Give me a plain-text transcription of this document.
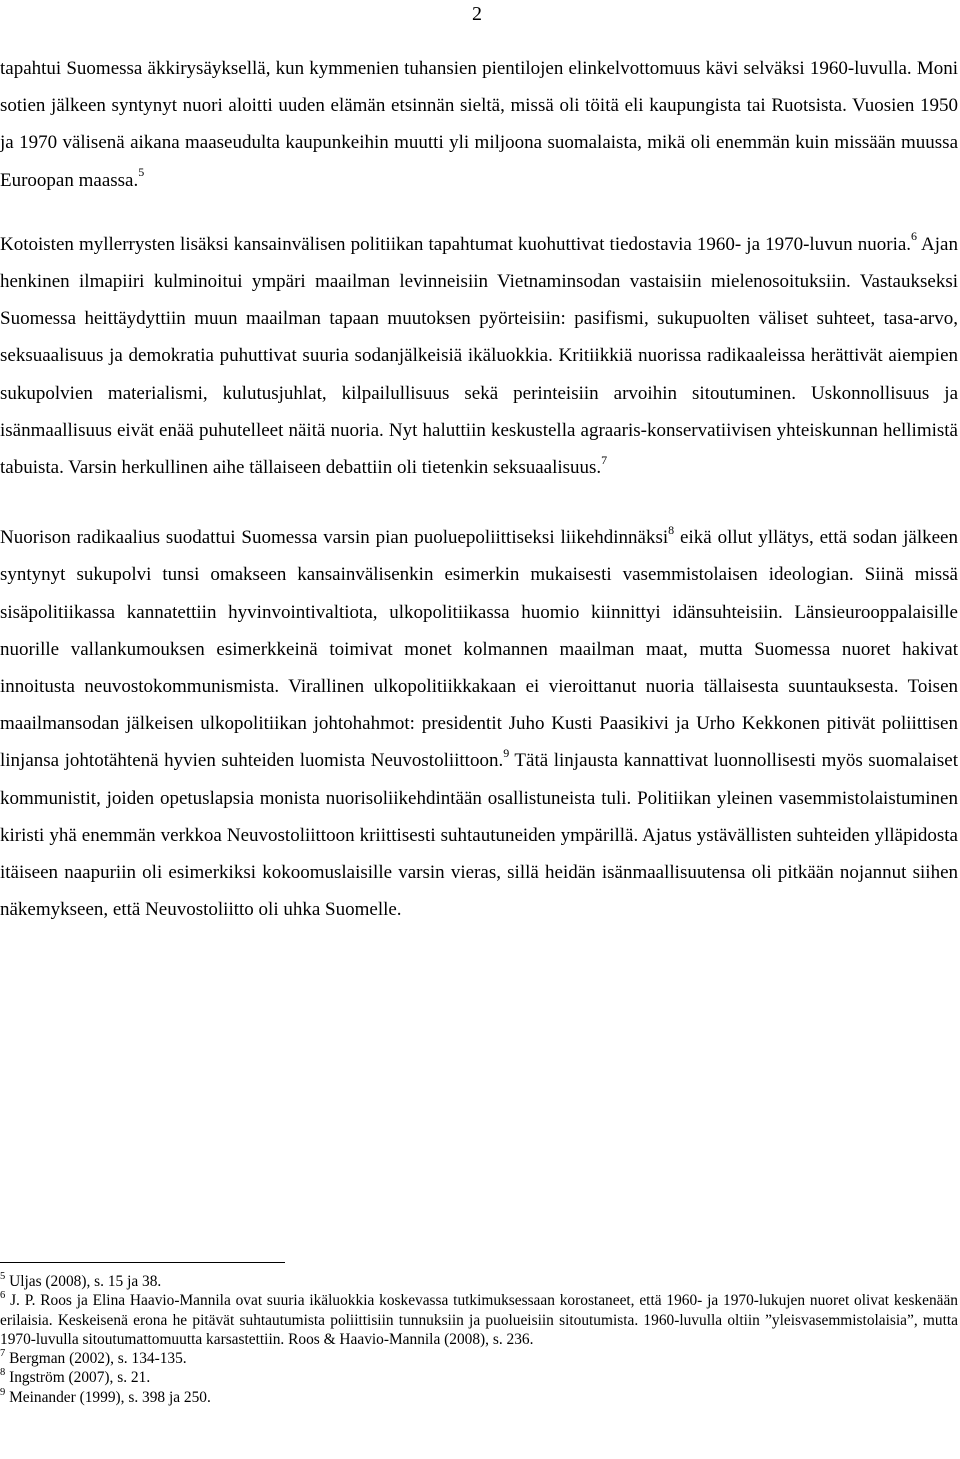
2

tapahtui Suomessa äkkirysäyksellä, kun kymmenien tuhansien pientilojen elinkelvottomuus kävi selväksi 1960-luvulla. Moni sotien jälkeen syntynyt nuori aloitti uuden elämän etsinnän sieltä, missä oli töitä eli kaupungista tai Ruotsista. Vuosien 1950 ja 1970 välisenä aikana maaseudulta kaupunkeihin muutti yli miljoona suomalaista, mikä oli enemmän kuin missään muussa Euroopan maassa.$^5$

Kotoisten myllerrysten lisäksi kansainvälisen politiikan tapahtumat kuohuttivat tiedostavia 1960- ja 1970-luvun nuoria.$^6$ Ajan henkinen ilmapiiri kulminoitui ympäri maailman levinneisiin Vietnaminsodan vastaisiin mielenosoituksiin. Vastaukseksi Suomessa heittäydyttiin muun maailman tapaan muutoksen pyörteisiin: pasifismi, sukupuolten väliset suhteet, tasa-arvo, seksuaalisuus ja demokratia puhuttivat suuria sodanjälkeisiä ikäluokkia. Kritiikkiä nuorissa radikaaleissa herättivät aiempien sukupolvien materialismi, kulutusjuhlat, kilpailullisuus sekä perinteisiin arvoihin sitoutuminen. Uskonnollisuus ja isänmaallisuus eivät enää puhutelleet näitä nuoria. Nyt haluttiin keskustella agraaris-konservatiivisen yhteiskunnan hellimistä tabuista. Varsin herkullinen aihe tällaiseen debattiin oli tietenkin seksuaalisuus.$^7$

Nuorison radikaalius suodattui Suomessa varsin pian puoluepoliittiseksi liikehdinnäksi$^8$ eikä ollut yllätys, että sodan jälkeen syntynyt sukupolvi tunsi omakseen kansainvälisenkin esimerkin mukaisesti vasemmistolaisen ideologian. Siinä missä sisäpolitiikassa kannatettiin hyvinvointivaltiota, ulkopolitiikassa huomio kiinnittyi idänsuhteisiin. Länsieurooppalaisille nuorille vallankumouksen esimerkkeinä toimivat monet kolmannen maailman maat, mutta Suomessa nuoret hakivat innoitusta neuvostokommunismista. Virallinen ulkopolitiikkakaan ei vieroittanut nuoria tällaisesta suuntauksesta. Toisen maailmansodan jälkeisen ulkopolitiikan johtohahmot: presidentit Juho Kusti Paasikivi ja Urho Kekkonen pitivät poliittisen linjansa johtotähtenä hyvien suhteiden luomista Neuvostoliittoon.$^9$ Tätä linjausta kannattivat luonnollisesti myös suomalaiset kommunistit, joiden opetuslapsia monista nuorisoliikehdintään osallistuneista tuli. Politiikan yleinen vasemmistolaistuminen kiristi yhä enemmän verkkoa Neuvostoliittoon kriittisesti suhtautuneiden ympärillä. Ajatus ystävällisten suhteiden ylläpidosta itäiseen naapuriin oli esimerkiksi kokoomuslaisille varsin vieras, sillä heidän isänmaallisuutensa oli pitkään nojannut siihen näkemykseen, että Neuvostoliitto oli uhka Suomelle.

$^5$ Uljas (2008), s. 15 ja 38.

$^6$ J. P. Roos ja Elina Haavio-Mannila ovat suuria ikäluokkia koskevassa tutkimuksessaan korostaneet, että 1960- ja 1970-lukujen nuoret olivat keskenään erilaisia. Keskeisenä erona he pitävät suhtautumista poliittisiin tunnuksiin ja puolueisiin sitoutumista. 1960-luvulla oltiin ”yleisvasemmistolaisia”, mutta 1970-luvulla sitoutumattomuutta karsastettiin. Roos & Haavio-Mannila (2008), s. 236.

$^7$ Bergman (2002), s. 134-135.

$^8$ Ingström (2007), s. 21.

$^9$ Meinander (1999), s. 398 ja 250.
